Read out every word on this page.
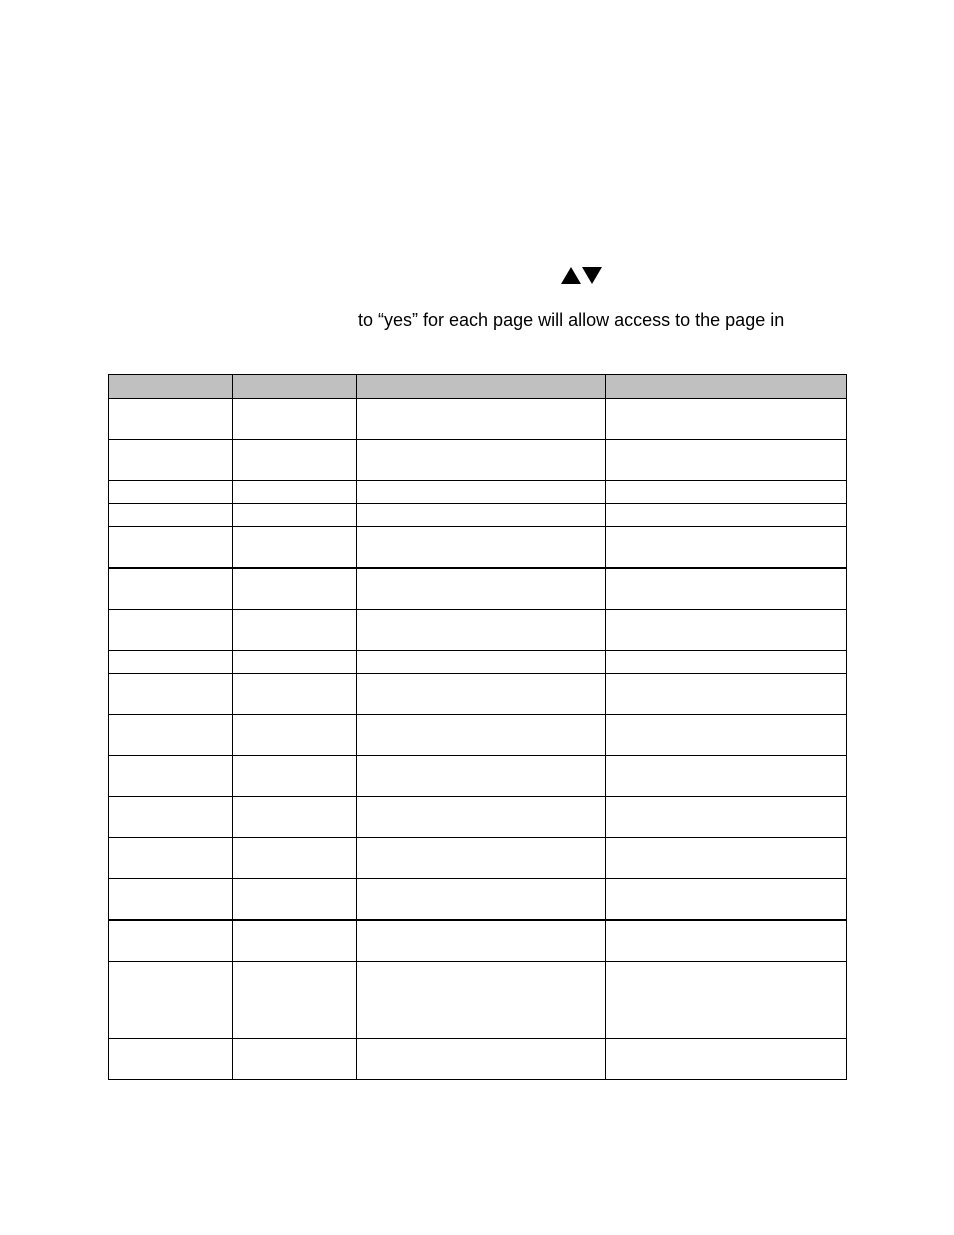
to “yes” for each page will allow access to the page in
